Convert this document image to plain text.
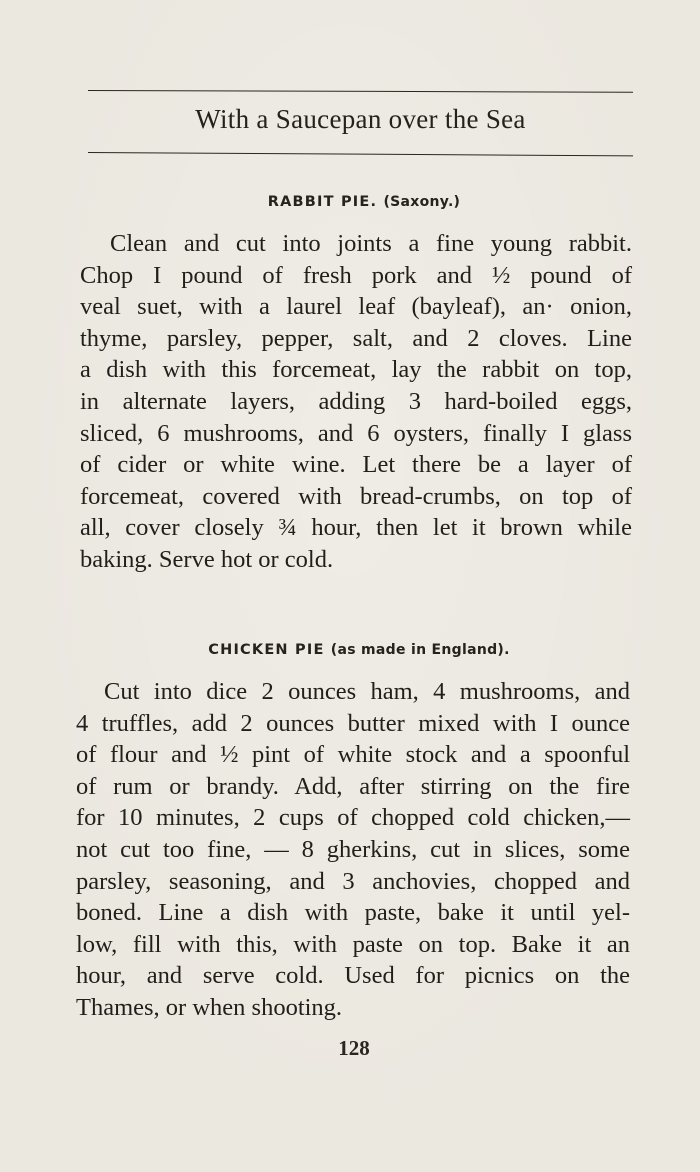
With a Saucepan over the Sea
RABBIT PIE. (Saxony.)
Clean and cut into joints a fine young rabbit.
Chop I pound of fresh pork and ½ pound of
veal suet, with a laurel leaf (bayleaf), an· onion,
thyme, parsley, pepper, salt, and 2 cloves. Line
a dish with this forcemeat, lay the rabbit on top,
in alternate layers, adding 3 hard-boiled eggs,
sliced, 6 mushrooms, and 6 oysters, finally I glass
of cider or white wine. Let there be a layer of
forcemeat, covered with bread-crumbs, on top of
all, cover closely ¾ hour, then let it brown while
baking. Serve hot or cold.
CHICKEN PIE (as made in England).
Cut into dice 2 ounces ham, 4 mushrooms, and
4 truffles, add 2 ounces butter mixed with I ounce
of flour and ½ pint of white stock and a spoonful
of rum or brandy. Add, after stirring on the fire
for 10 minutes, 2 cups of chopped cold chicken,—
not cut too fine, — 8 gherkins, cut in slices, some
parsley, seasoning, and 3 anchovies, chopped and
boned. Line a dish with paste, bake it until yel-
low, fill with this, with paste on top. Bake it an
hour, and serve cold. Used for picnics on the
Thames, or when shooting.
128
